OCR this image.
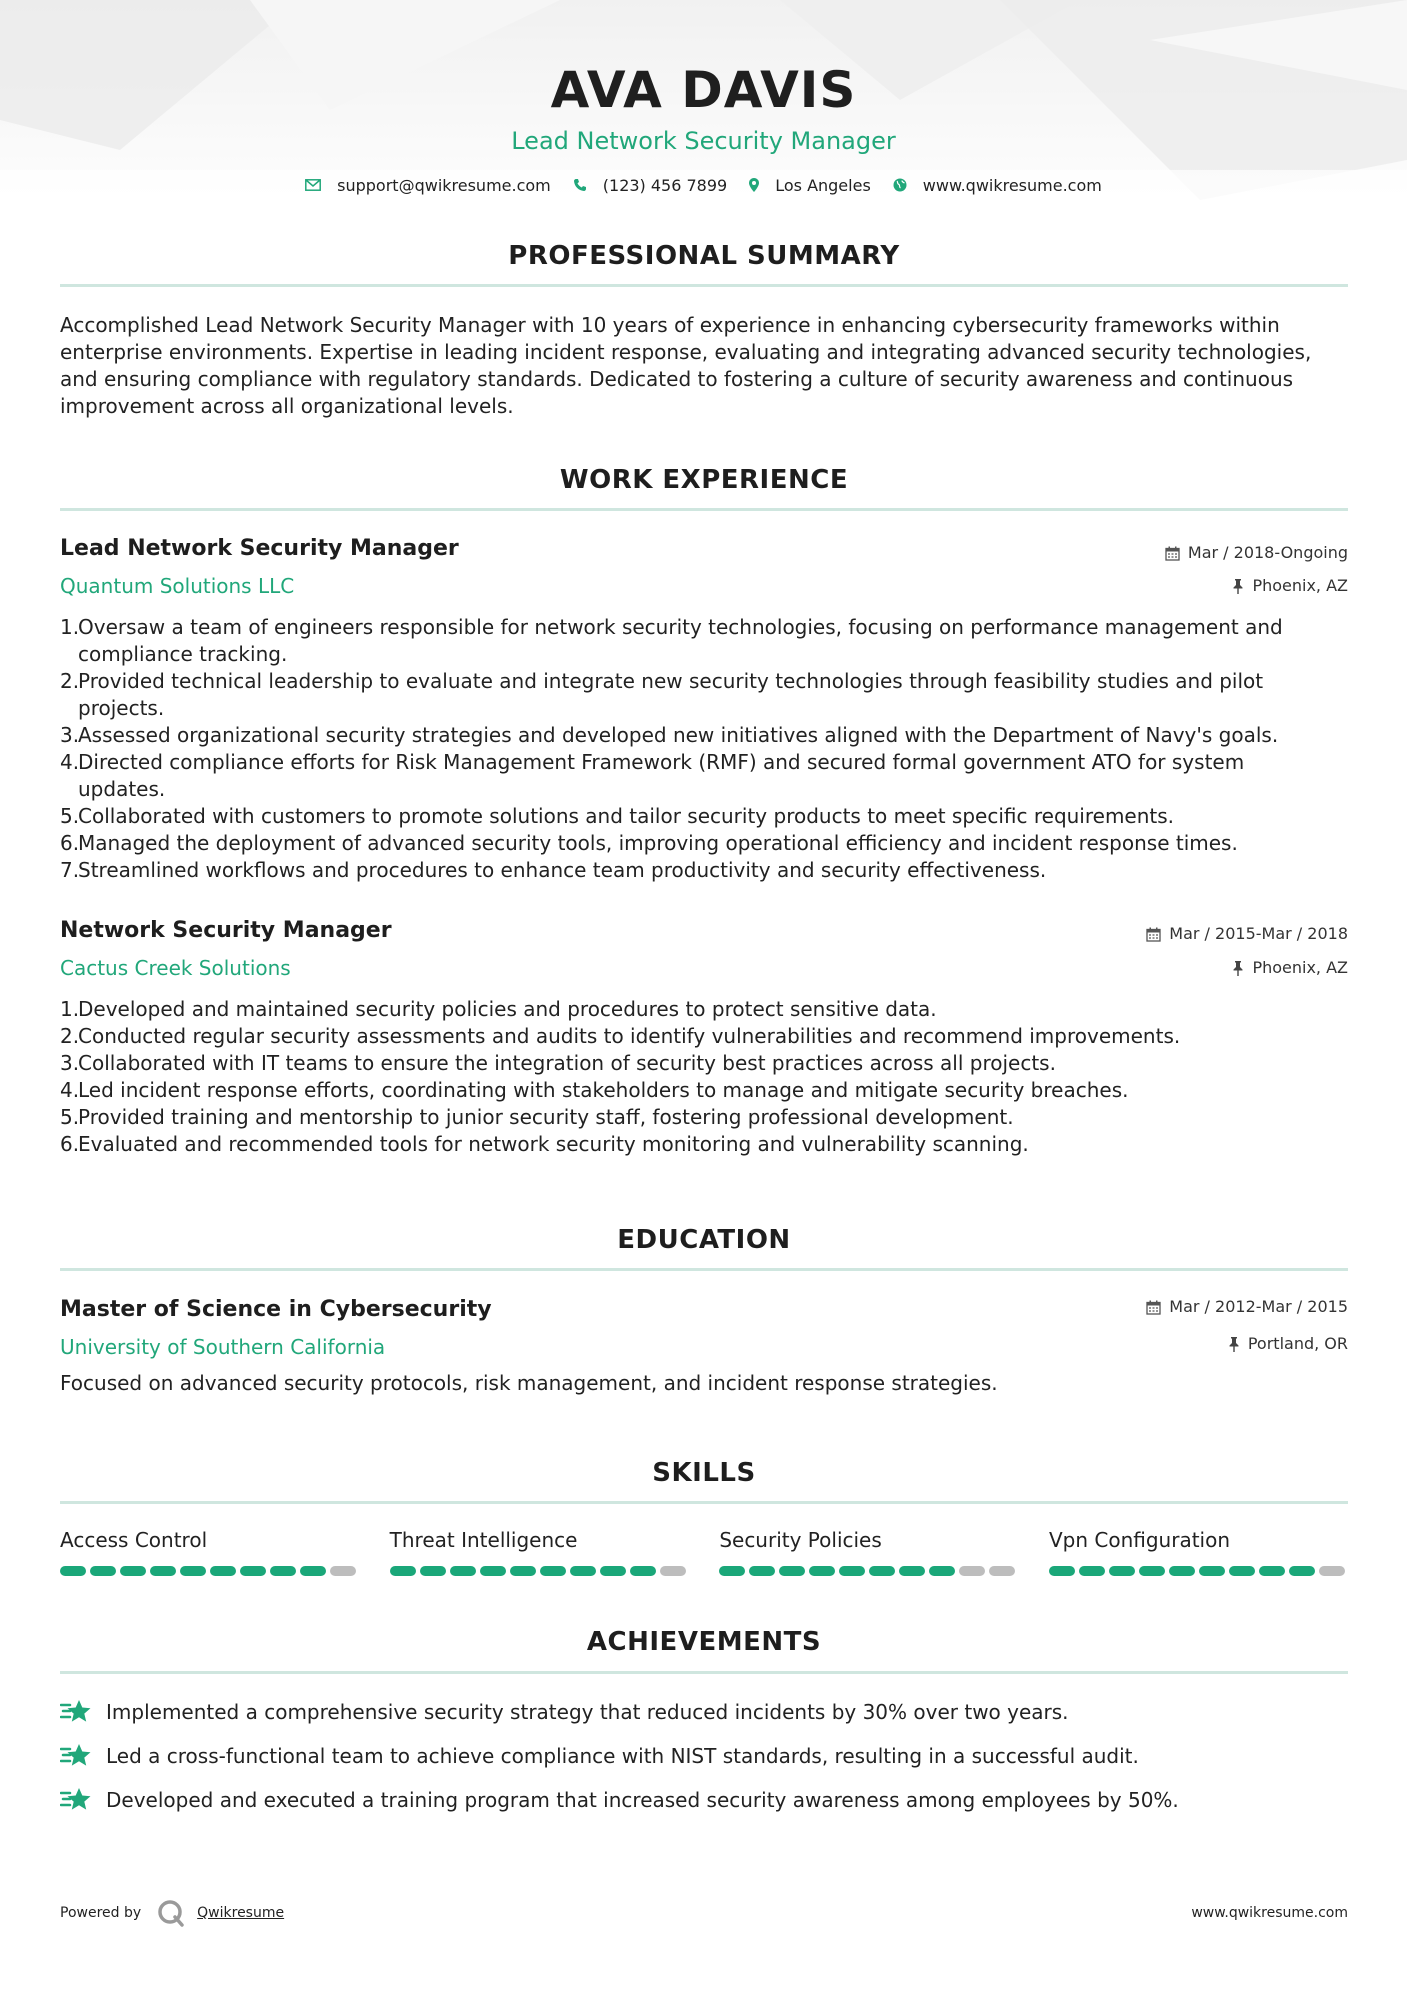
AVA DAVIS
Lead Network Security Manager
support@qwikresume.com	(123) 456 7899	Los Angeles	www.qwikresume.com
PROFESSIONAL SUMMARY
Accomplished Lead Network Security Manager with 10 years of experience in enhancing cybersecurity frameworks within
enterprise environments. Expertise in leading incident response, evaluating and integrating advanced security technologies,
and ensuring compliance with regulatory standards. Dedicated to fostering a culture of security awareness and continuous
improvement across all organizational levels.
WORK EXPERIENCE
Lead Network Security Manager	Mar / 2018-Ongoing
Quantum Solutions LLC	Phoenix, AZ
1.
Oversaw a team of engineers responsible for network security technologies, focusing on performance management and
compliance tracking.
2.
Provided technical leadership to evaluate and integrate new security technologies through feasibility studies and pilot
projects.
3.
Assessed organizational security strategies and developed new initiatives aligned with the Department of Navy's goals.
4.
Directed compliance efforts for Risk Management Framework (RMF) and secured formal government ATO for system
updates.
5.
Collaborated with customers to promote solutions and tailor security products to meet specific requirements.
6.
Managed the deployment of advanced security tools, improving operational efficiency and incident response times.
7.
Streamlined workflows and procedures to enhance team productivity and security effectiveness.
Network Security Manager	Mar / 2015-Mar / 2018
Cactus Creek Solutions	Phoenix, AZ
1.
Developed and maintained security policies and procedures to protect sensitive data.
2.
Conducted regular security assessments and audits to identify vulnerabilities and recommend improvements.
3.
Collaborated with IT teams to ensure the integration of security best practices across all projects.
4.
Led incident response efforts, coordinating with stakeholders to manage and mitigate security breaches.
5.
Provided training and mentorship to junior security staff, fostering professional development.
6.
Evaluated and recommended tools for network security monitoring and vulnerability scanning.
EDUCATION
Master of Science in Cybersecurity	Mar / 2012-Mar / 2015
University of Southern California	Portland, OR
Focused on advanced security protocols, risk management, and incident response strategies.
SKILLS
Access Control	Threat Intelligence	Security Policies	Vpn Configuration
ACHIEVEMENTS
Implemented a comprehensive security strategy that reduced incidents by 30% over two years.
Led a cross-functional team to achieve compliance with NIST standards, resulting in a successful audit.
Developed and executed a training program that increased security awareness among employees by 50%.
Powered by	Qwikresume	www.qwikresume.com
